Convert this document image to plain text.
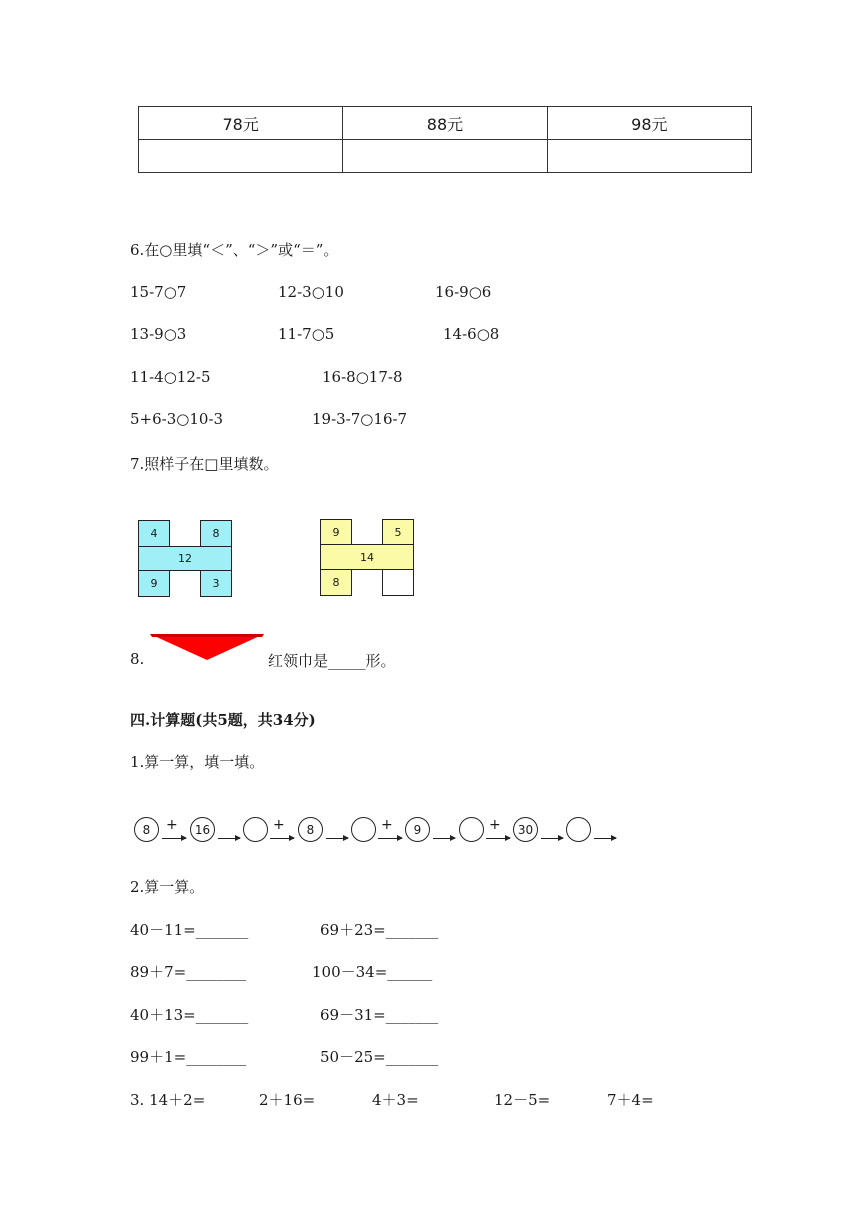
78元	88元	98元

6.在○里填“＜”、“＞”或“＝”。
15-7○7	12-3○10	16-9○6
13-9○3	11-7○5	14-6○8
11-4○12-5	16-8○17-8
5+6-3○10-3	19-3-7○16-7
7.照样子在□里填数。
4	8
12
9	3
9	5
14
8
8.	红领巾是_____形。
四.计算题(共5题，共34分)
1.算一算，填一填。
8	+	16	+	8	+	9	+	30
2.算一算。
40－11=_______	69＋23=_______
89＋7=________	100－34=______
40＋13=_______	69－31=_______
99＋1=________	50－25=_______
3. 14＋2=	2＋16=	4＋3=	12－5=	7＋4=
